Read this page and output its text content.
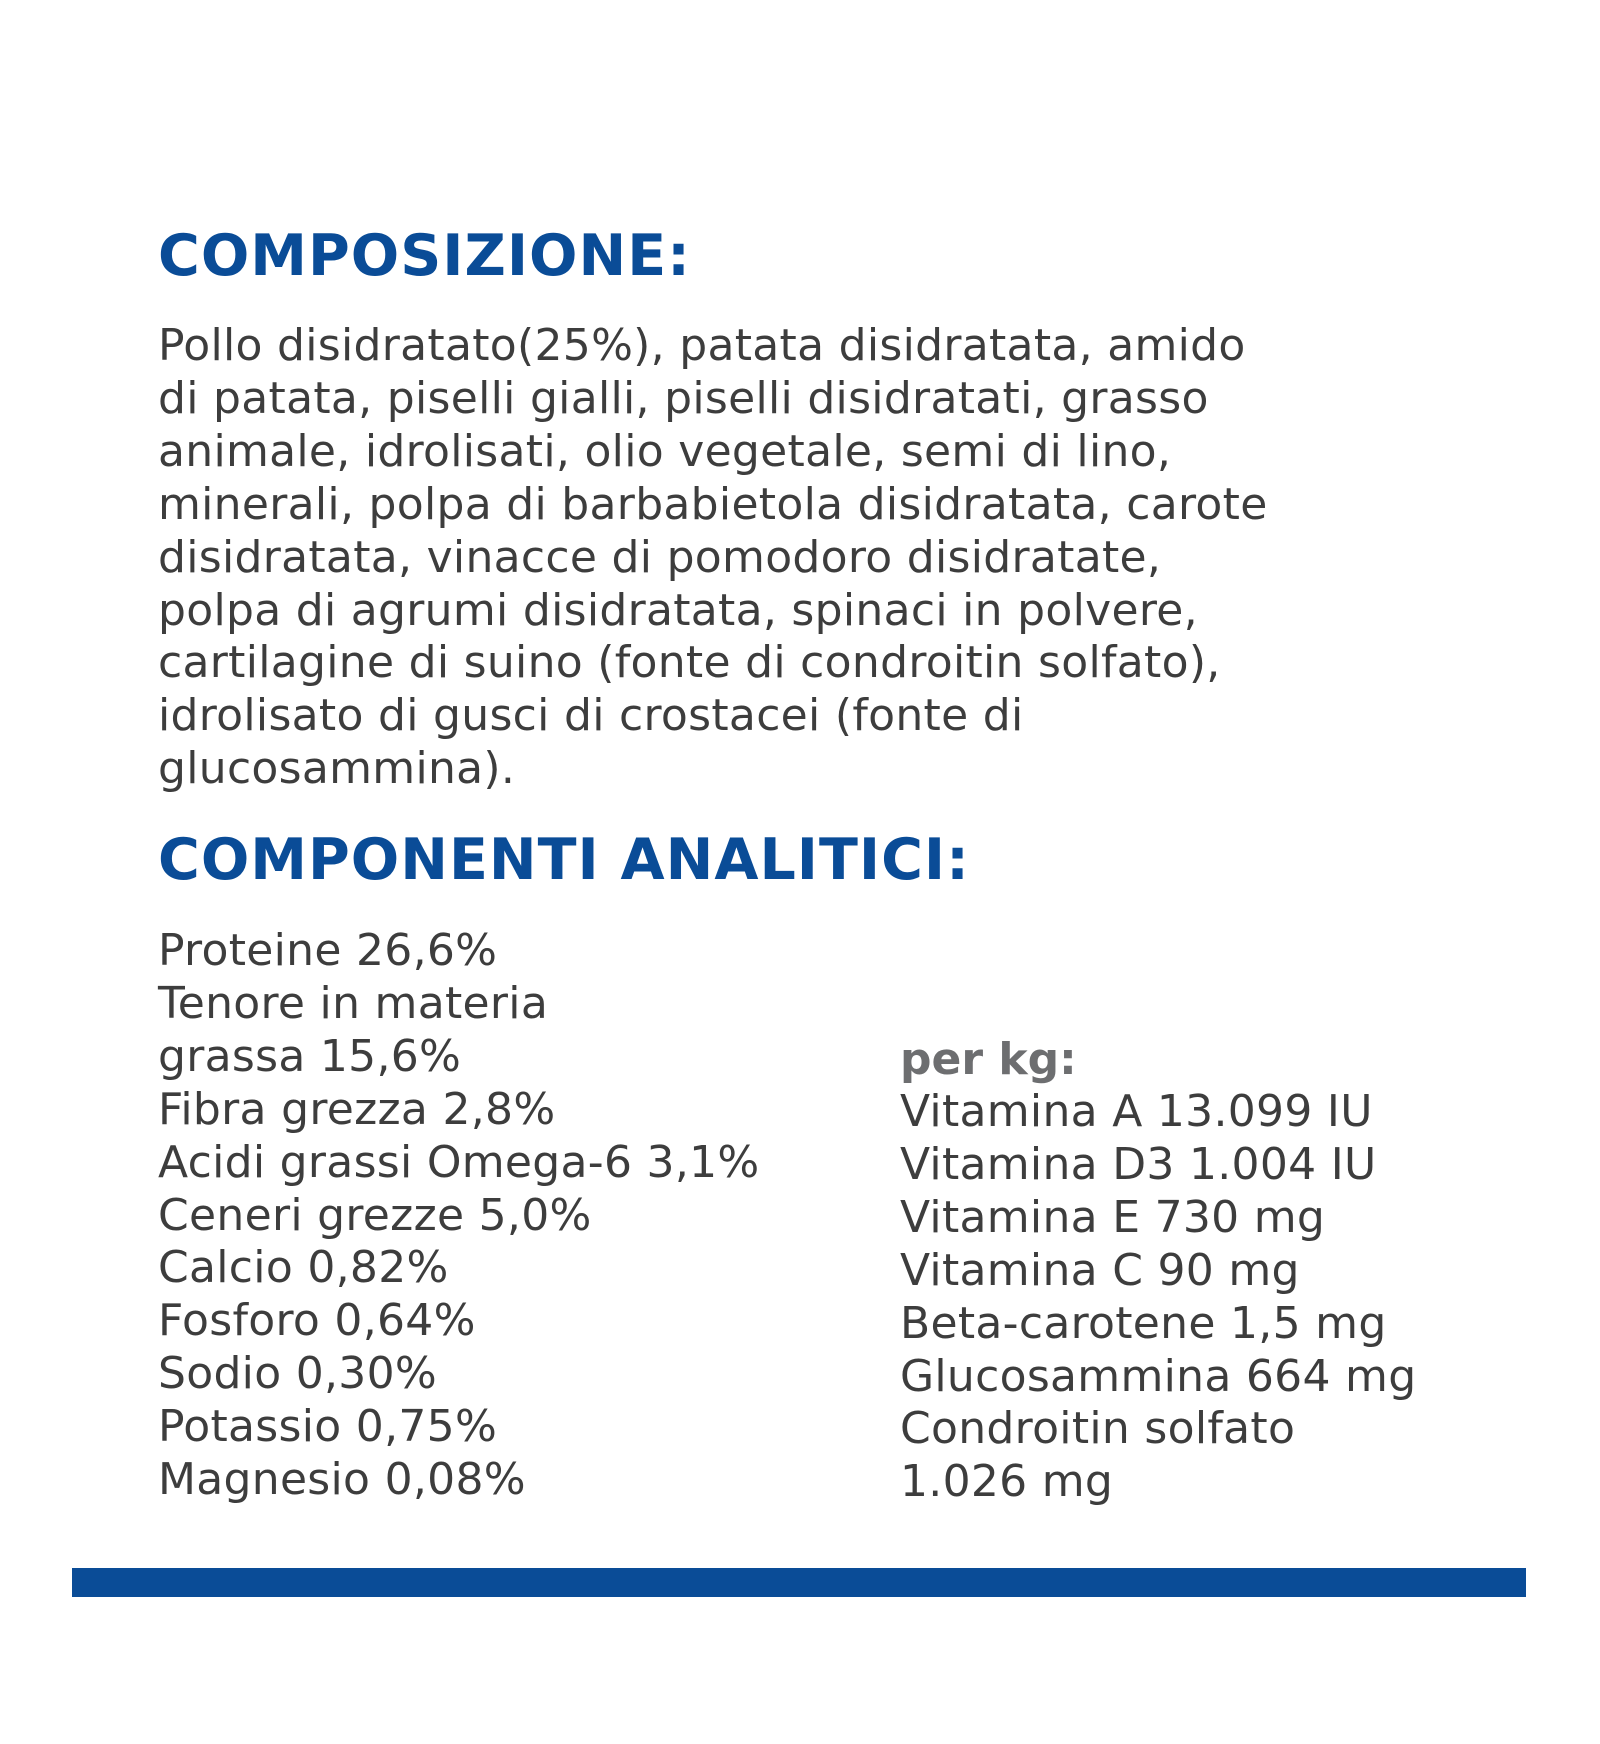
COMPOSIZIONE:
Pollo disidratato(25%), patata disidratata, amido
di patata, piselli gialli, piselli disidratati, grasso
animale, idrolisati, olio vegetale, semi di lino,
minerali, polpa di barbabietola disidratata, carote
disidratata, vinacce di pomodoro disidratate,
polpa di agrumi disidratata, spinaci in polvere,
cartilagine di suino (fonte di condroitin solfato),
idrolisato di gusci di crostacei (fonte di
glucosammina).
COMPONENTI ANALITICI:
Proteine 26,6%
Tenore in materia
grassa 15,6%
Fibra grezza 2,8%
Acidi grassi Omega-6 3,1%
Ceneri grezze 5,0%
Calcio 0,82%
Fosforo 0,64%
Sodio 0,30%
Potassio 0,75%
Magnesio 0,08%
per kg:
Vitamina A 13.099 IU
Vitamina D3 1.004 IU
Vitamina E 730 mg
Vitamina C 90 mg
Beta-carotene 1,5 mg
Glucosammina 664 mg
Condroitin solfato
1.026 mg
